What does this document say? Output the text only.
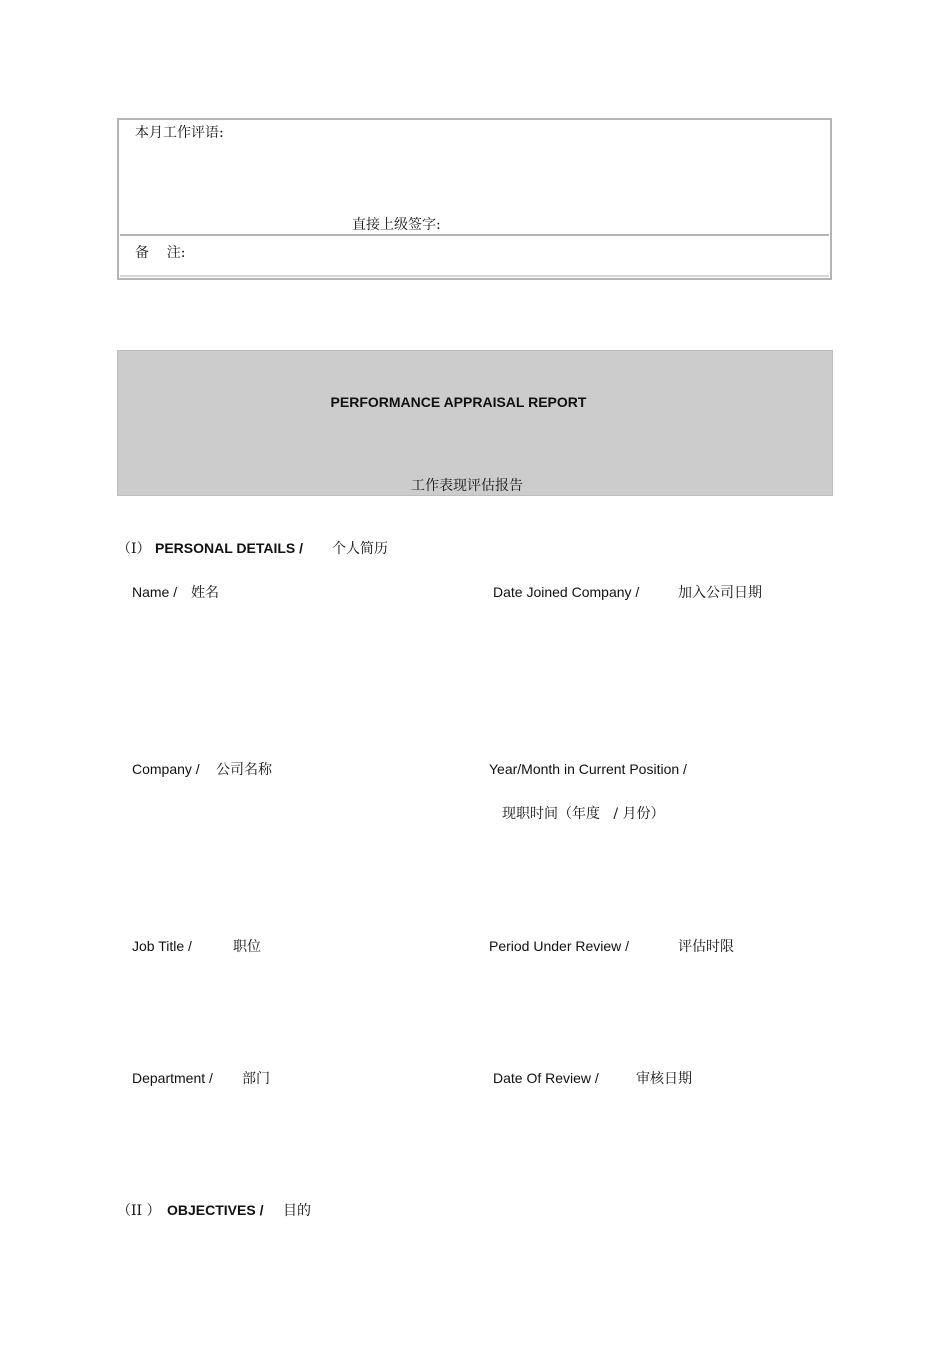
本月工作评语:
直接上级签字:
备    注:
PERFORMANCE APPRAISAL REPORT
工作表现评估报告
（I） PERSONAL DETAILS / 个人简历
Name / 姓名	Date Joined Company /	加入公司日期
Company / 公司名称	Year/Month in Current Position /
现职时间（年度   / 月份）
Job Title /	职位	Period Under Review /	评估时限
Department / 部门	Date Of Review /	审核日期
（II ） OBJECTIVES / 目的
